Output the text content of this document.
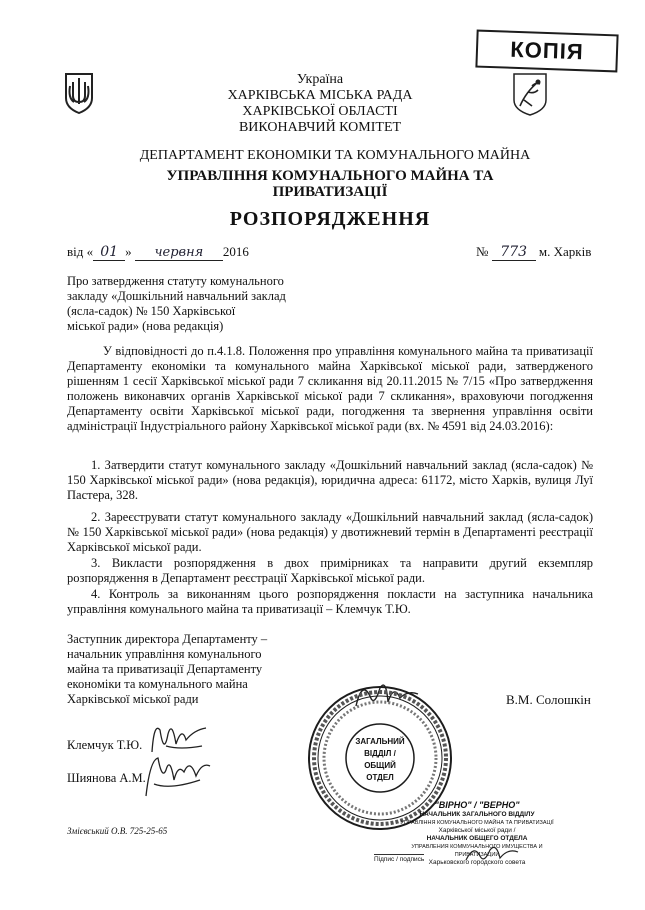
КОПІЯ
Україна
ХАРКІВСЬКА МІСЬКА РАДА
ХАРКІВСЬКОЇ ОБЛАСТІ
ВИКОНАВЧИЙ КОМІТЕТ
ДЕПАРТАМЕНТ ЕКОНОМІКИ ТА КОМУНАЛЬНОГО МАЙНА
УПРАВЛІННЯ КОМУНАЛЬНОГО МАЙНА ТА
ПРИВАТИЗАЦІЇ
РОЗПОРЯДЖЕННЯ
від « 01 » червня 2016	№ 773 м. Харків
Про затвердження статуту комунального
закладу «Дошкільний навчальний заклад
(ясла-садок) № 150 Харківської
міської ради» (нова редакція)
У відповідності до п.4.1.8. Положення про управління комунального майна та приватизації Департаменту економіки та комунального майна Харківської міської ради, затвердженого рішенням 1 сесії Харківської міської ради 7 скликання від 20.11.2015 № 7/15 «Про затвердження положень виконавчих органів Харківської міської ради 7 скликання», враховуючи погодження Департаменту освіти Харківської міської ради, погодження та звернення управління освіти адміністрації Індустріального району Харківської міської ради (вх. № 4591 від 24.03.2016):
1. Затвердити статут комунального закладу «Дошкільний навчальний заклад (ясла-садок) № 150 Харківської міської ради» (нова редакція), юридична адреса: 61172, місто Харків, вулиця Луї Пастера, 328.
2. Зареєструвати статут комунального закладу «Дошкільний навчальний заклад (ясла-садок) № 150 Харківської міської ради» (нова редакція) у двотижневий термін в Департаменті реєстрації Харківської міської ради.
3. Викласти розпорядження в двох примірниках та направити другий екземпляр розпорядження в Департамент реєстрації Харківської міської ради.
4. Контроль за виконанням цього розпорядження покласти на заступника начальника управління комунального майна та приватизації – Клемчук Т.Ю.
Заступник директора Департаменту –
начальник управління комунального
майна та приватизації Департаменту
економіки та комунального майна
Харківської міської ради	В.М. Солошкін
Клемчук Т.Ю.
Шиянова А.М.
Змієвський О.В. 725-25-65
ЗАГАЛЬНИЙ
ВІДДІЛ /
ОБЩИЙ ОТДЕЛ
"ВІРНО" / "ВЕРНО"
НАЧАЛЬНИК ЗАГАЛЬНОГО ВІДДІЛУ
УПРАВЛІННЯ КОМУНАЛЬНОГО МАЙНА ТА ПРИВАТИЗАЦІЇ
Харківської міської ради /
НАЧАЛЬНИК ОБЩЕГО ОТДЕЛА
УПРАВЛЕНИЯ КОММУНАЛЬНОГО ИМУЩЕСТВА И ПРИВАТИЗАЦИИ
Харьковского городского совета
Підпис / подпись
